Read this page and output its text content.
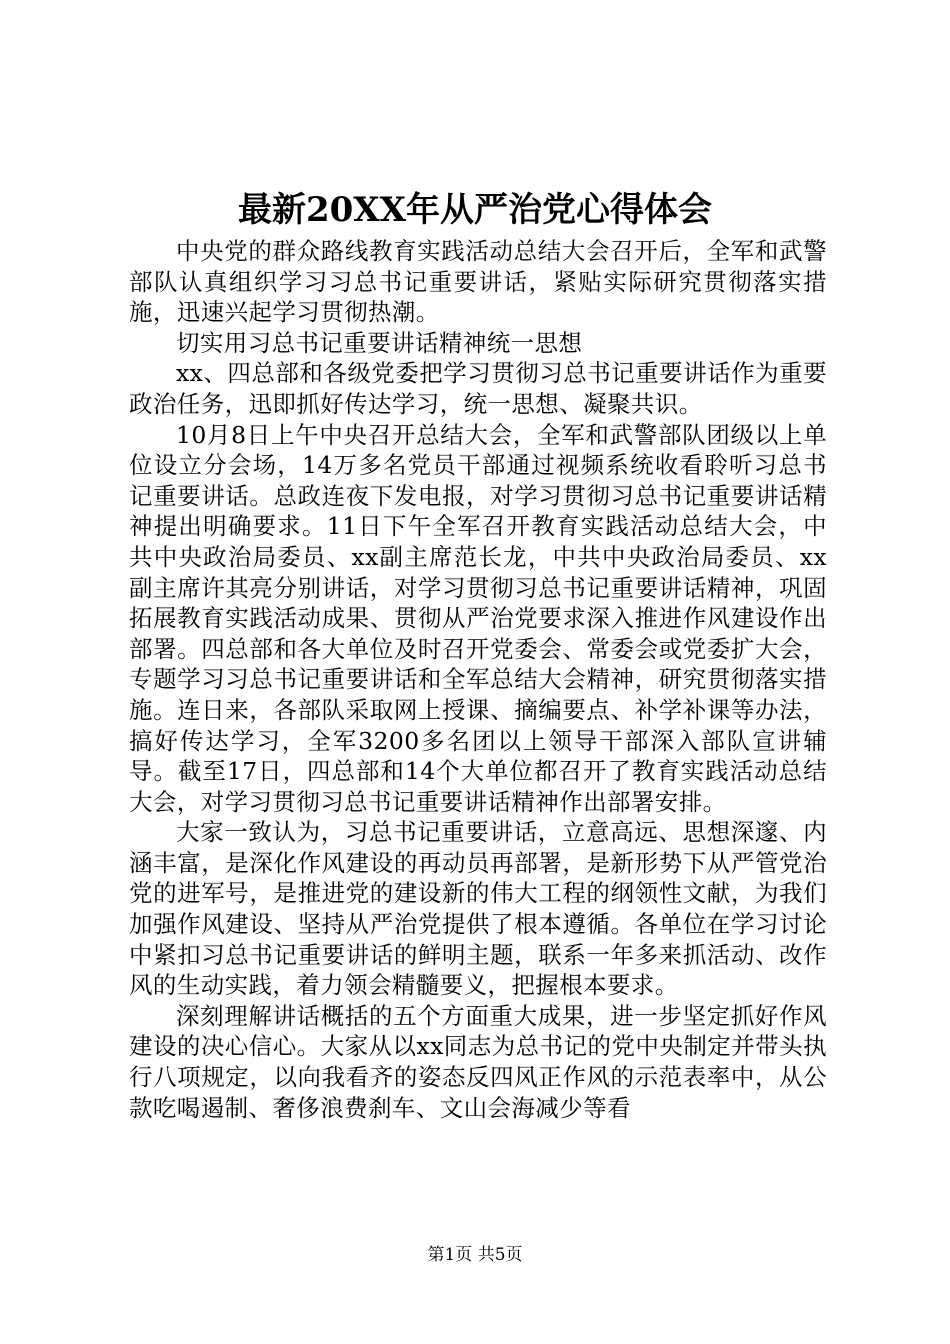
最新20XX年从严治党心得体会

中央党的群众路线教育实践活动总结大会召开后，全军和武警部队认真组织学习习总书记重要讲话，紧贴实际研究贯彻落实措施，迅速兴起学习贯彻热潮。

切实用习总书记重要讲话精神统一思想

xx、四总部和各级党委把学习贯彻习总书记重要讲话作为重要政治任务，迅即抓好传达学习，统一思想、凝聚共识。

10月8日上午中央召开总结大会，全军和武警部队团级以上单位设立分会场，14万多名党员干部通过视频系统收看聆听习总书记重要讲话。总政连夜下发电报，对学习贯彻习总书记重要讲话精神提出明确要求。11日下午全军召开教育实践活动总结大会，中共中央政治局委员、xx副主席范长龙，中共中央政治局委员、xx副主席许其亮分别讲话，对学习贯彻习总书记重要讲话精神，巩固拓展教育实践活动成果、贯彻从严治党要求深入推进作风建设作出部署。四总部和各大单位及时召开党委会、常委会或党委扩大会，专题学习习总书记重要讲话和全军总结大会精神，研究贯彻落实措施。连日来，各部队采取网上授课、摘编要点、补学补课等办法，搞好传达学习，全军3200多名团以上领导干部深入部队宣讲辅导。截至17日，四总部和14个大单位都召开了教育实践活动总结大会，对学习贯彻习总书记重要讲话精神作出部署安排。

大家一致认为，习总书记重要讲话，立意高远、思想深邃、内涵丰富，是深化作风建设的再动员再部署，是新形势下从严管党治党的进军号，是推进党的建设新的伟大工程的纲领性文献，为我们加强作风建设、坚持从严治党提供了根本遵循。各单位在学习讨论中紧扣习总书记重要讲话的鲜明主题，联系一年多来抓活动、改作风的生动实践，着力领会精髓要义，把握根本要求。

深刻理解讲话概括的五个方面重大成果，进一步坚定抓好作风建设的决心信心。大家从以xx同志为总书记的党中央制定并带头执行八项规定，以向我看齐的姿态反四风正作风的示范表率中，从公款吃喝遏制、奢侈浪费刹车、文山会海减少等看

第1页 共5页
